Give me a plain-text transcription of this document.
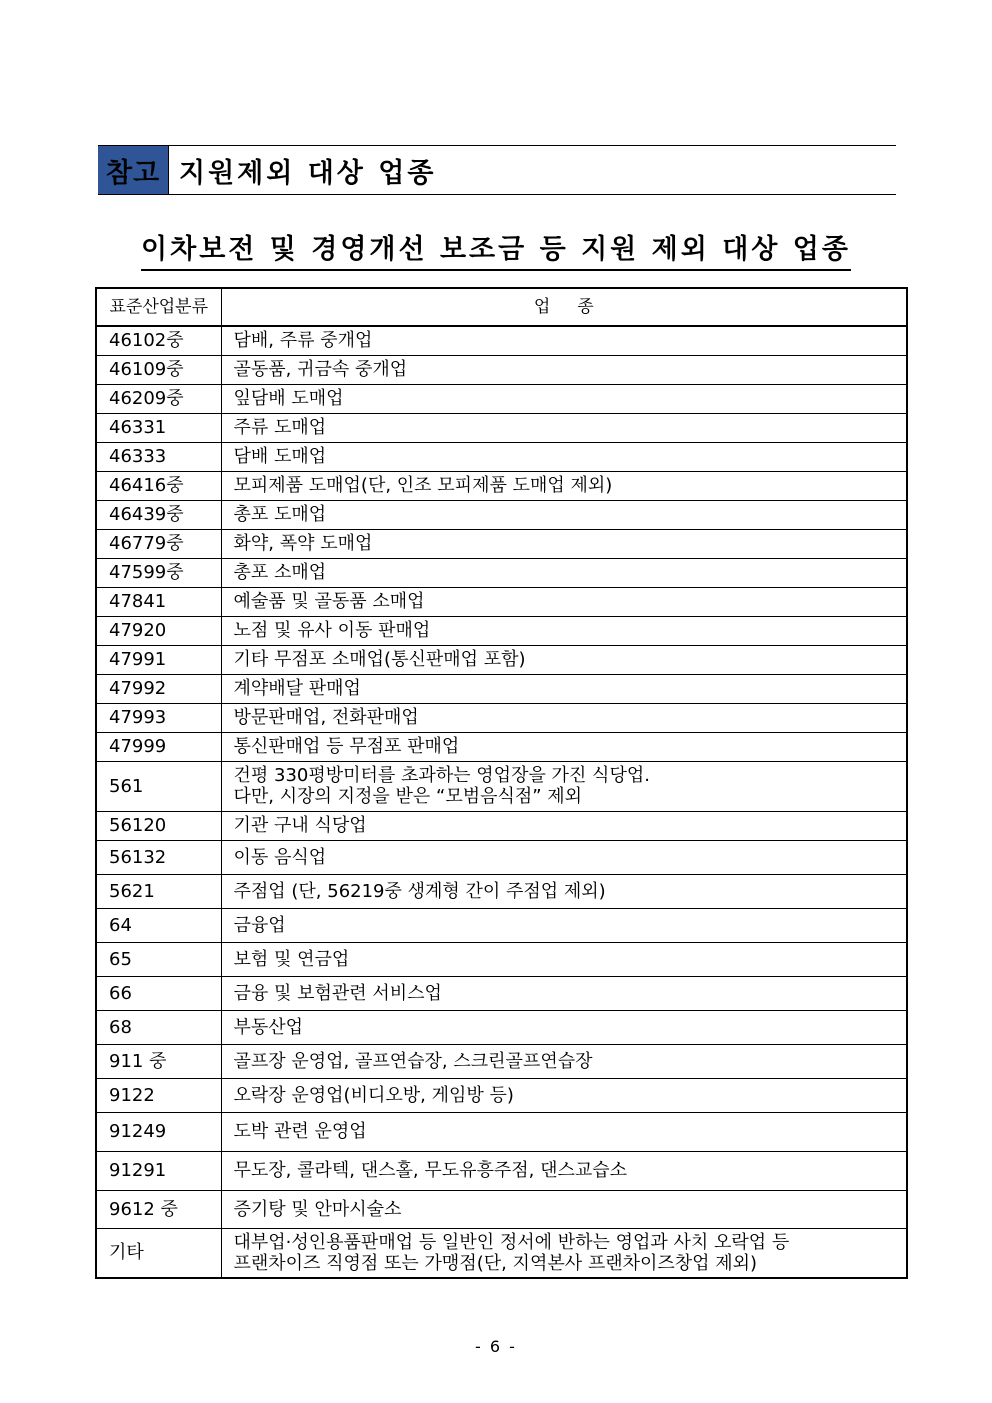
참고 지원제외 대상 업종
이차보전 및 경영개선 보조금 등 지원 제외 대상 업종
표준산업분류	업     종
46102중	담배, 주류 중개업
46109중	골동품, 귀금속 중개업
46209중	잎담배 도매업
46331	주류 도매업
46333	담배 도매업
46416중	모피제품 도매업(단, 인조 모피제품 도매업 제외)
46439중	총포 도매업
46779중	화약, 폭약 도매업
47599중	총포 소매업
47841	예술품 및 골동품 소매업
47920	노점 및 유사 이동 판매업
47991	기타 무점포 소매업(통신판매업 포함)
47992	계약배달 판매업
47993	방문판매업, 전화판매업
47999	통신판매업 등 무점포 판매업
561	건평 330평방미터를 초과하는 영업장을 가진 식당업.
다만, 시장의 지정을 받은 “모범음식점” 제외

56120	기관 구내 식당업
56132	이동 음식업
5621	주점업 (단, 56219중 생계형 간이 주점업 제외)
64	금융업
65	보험 및 연금업
66	금융 및 보험관련 서비스업
68	부동산업
911 중	골프장 운영업, 골프연습장, 스크린골프연습장
9122	오락장 운영업(비디오방, 게임방 등)
91249	도박 관련 운영업
91291	무도장, 콜라텍, 댄스홀, 무도유흥주점, 댄스교습소
9612 중	증기탕 및 안마시술소
기타	대부업·성인용품판매업 등 일반인 정서에 반하는 영업과 사치 오락업 등
프랜차이즈 직영점 또는 가맹점(단, 지역본사 프랜차이즈창업 제외)
- 6 -
